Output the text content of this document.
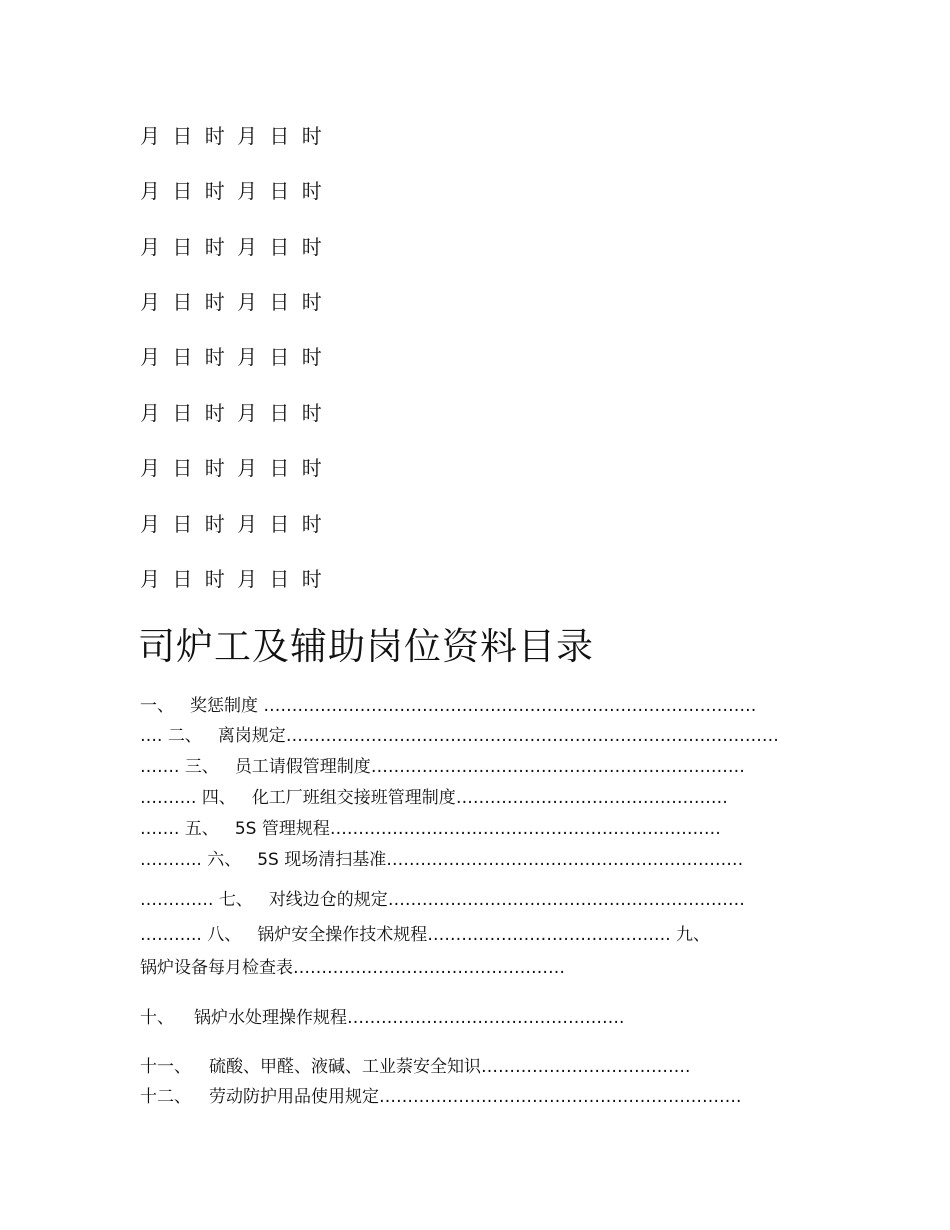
月 日 时 月 日 时
月 日 时 月 日 时
月 日 时 月 日 时
月 日 时 月 日 时
月 日 时 月 日 时
月 日 时 月 日 时
月 日 时 月 日 时
月 日 时 月 日 时
月 日 时 月 日 时
司炉工及辅助岗位资料目录
一、 奖惩制度 ……………………………………………………………………………
…. 二、 离岗规定……………………………………………………………………………
……. 三、 员工请假管理制度…………………………………………………………
………. 四、 化工厂班组交接班管理制度…………………………………………
……. 五、 5S 管理规程……………………………………………………………
……….. 六、 5S 现场清扫基准………………………………………………………
…………. 七、 对线边仓的规定………………………………………………………
……….. 八、 锅炉安全操作技术规程……………………………………. 九、
锅炉设备每月检查表…………………………………………
十、 锅炉水处理操作规程………………………………………….
十一、 硫酸、甲醛、液碱、工业萘安全知识……………………………….
十二、 劳动防护用品使用规定……………………………………………………….
